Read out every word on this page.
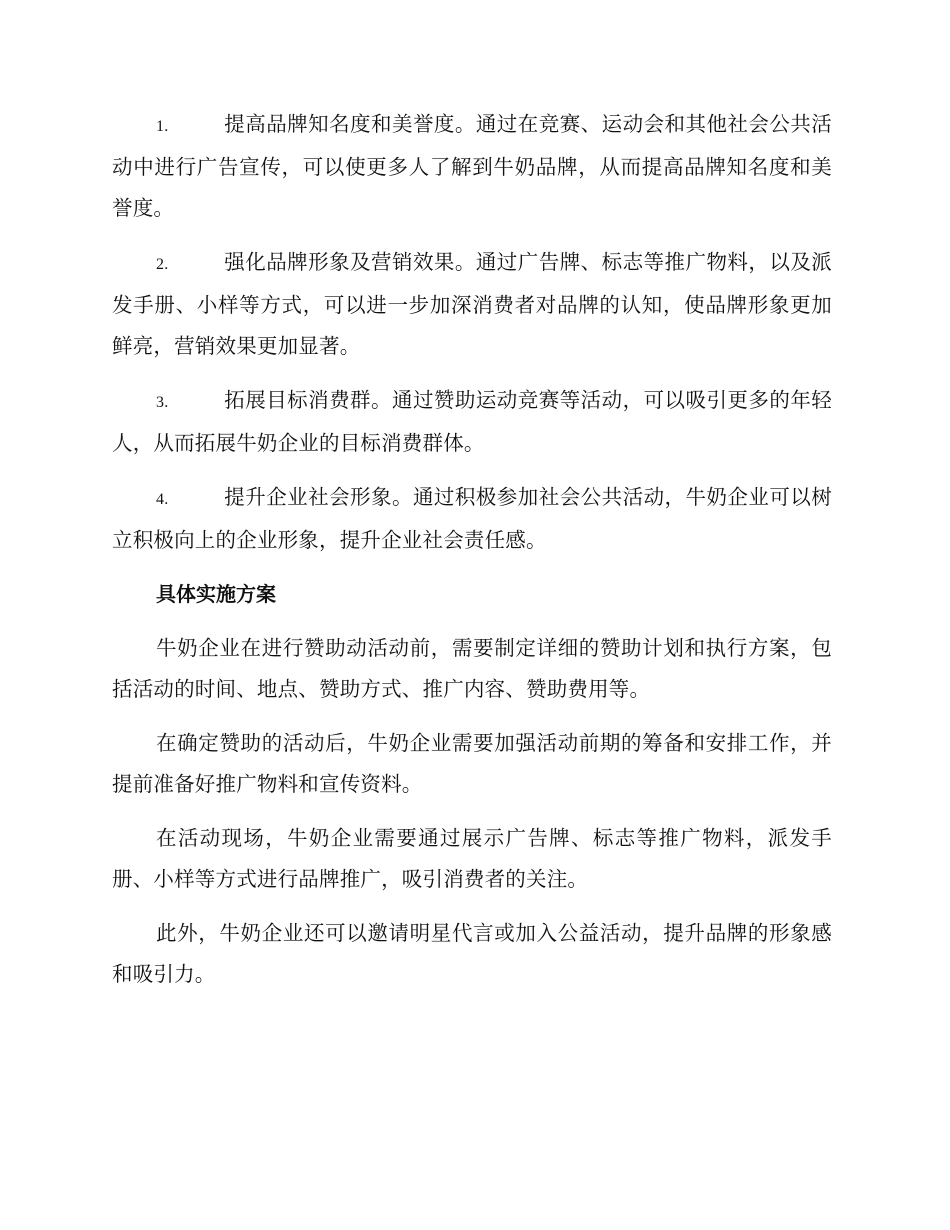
1.	提高品牌知名度和美誉度。通过在竞赛、运动会和其他社会公共活动中进行广告宣传，可以使更多人了解到牛奶品牌，从而提高品牌知名度和美誉度。

2.	强化品牌形象及营销效果。通过广告牌、标志等推广物料，以及派发手册、小样等方式，可以进一步加深消费者对品牌的认知，使品牌形象更加鲜亮，营销效果更加显著。

3.	拓展目标消费群。通过赞助运动竞赛等活动，可以吸引更多的年轻人，从而拓展牛奶企业的目标消费群体。

4.	提升企业社会形象。通过积极参加社会公共活动，牛奶企业可以树立积极向上的企业形象，提升企业社会责任感。

具体实施方案

牛奶企业在进行赞助动活动前，需要制定详细的赞助计划和执行方案，包括活动的时间、地点、赞助方式、推广内容、赞助费用等。

在确定赞助的活动后，牛奶企业需要加强活动前期的筹备和安排工作，并提前准备好推广物料和宣传资料。

在活动现场，牛奶企业需要通过展示广告牌、标志等推广物料，派发手册、小样等方式进行品牌推广，吸引消费者的关注。

此外，牛奶企业还可以邀请明星代言或加入公益活动，提升品牌的形象感和吸引力。
